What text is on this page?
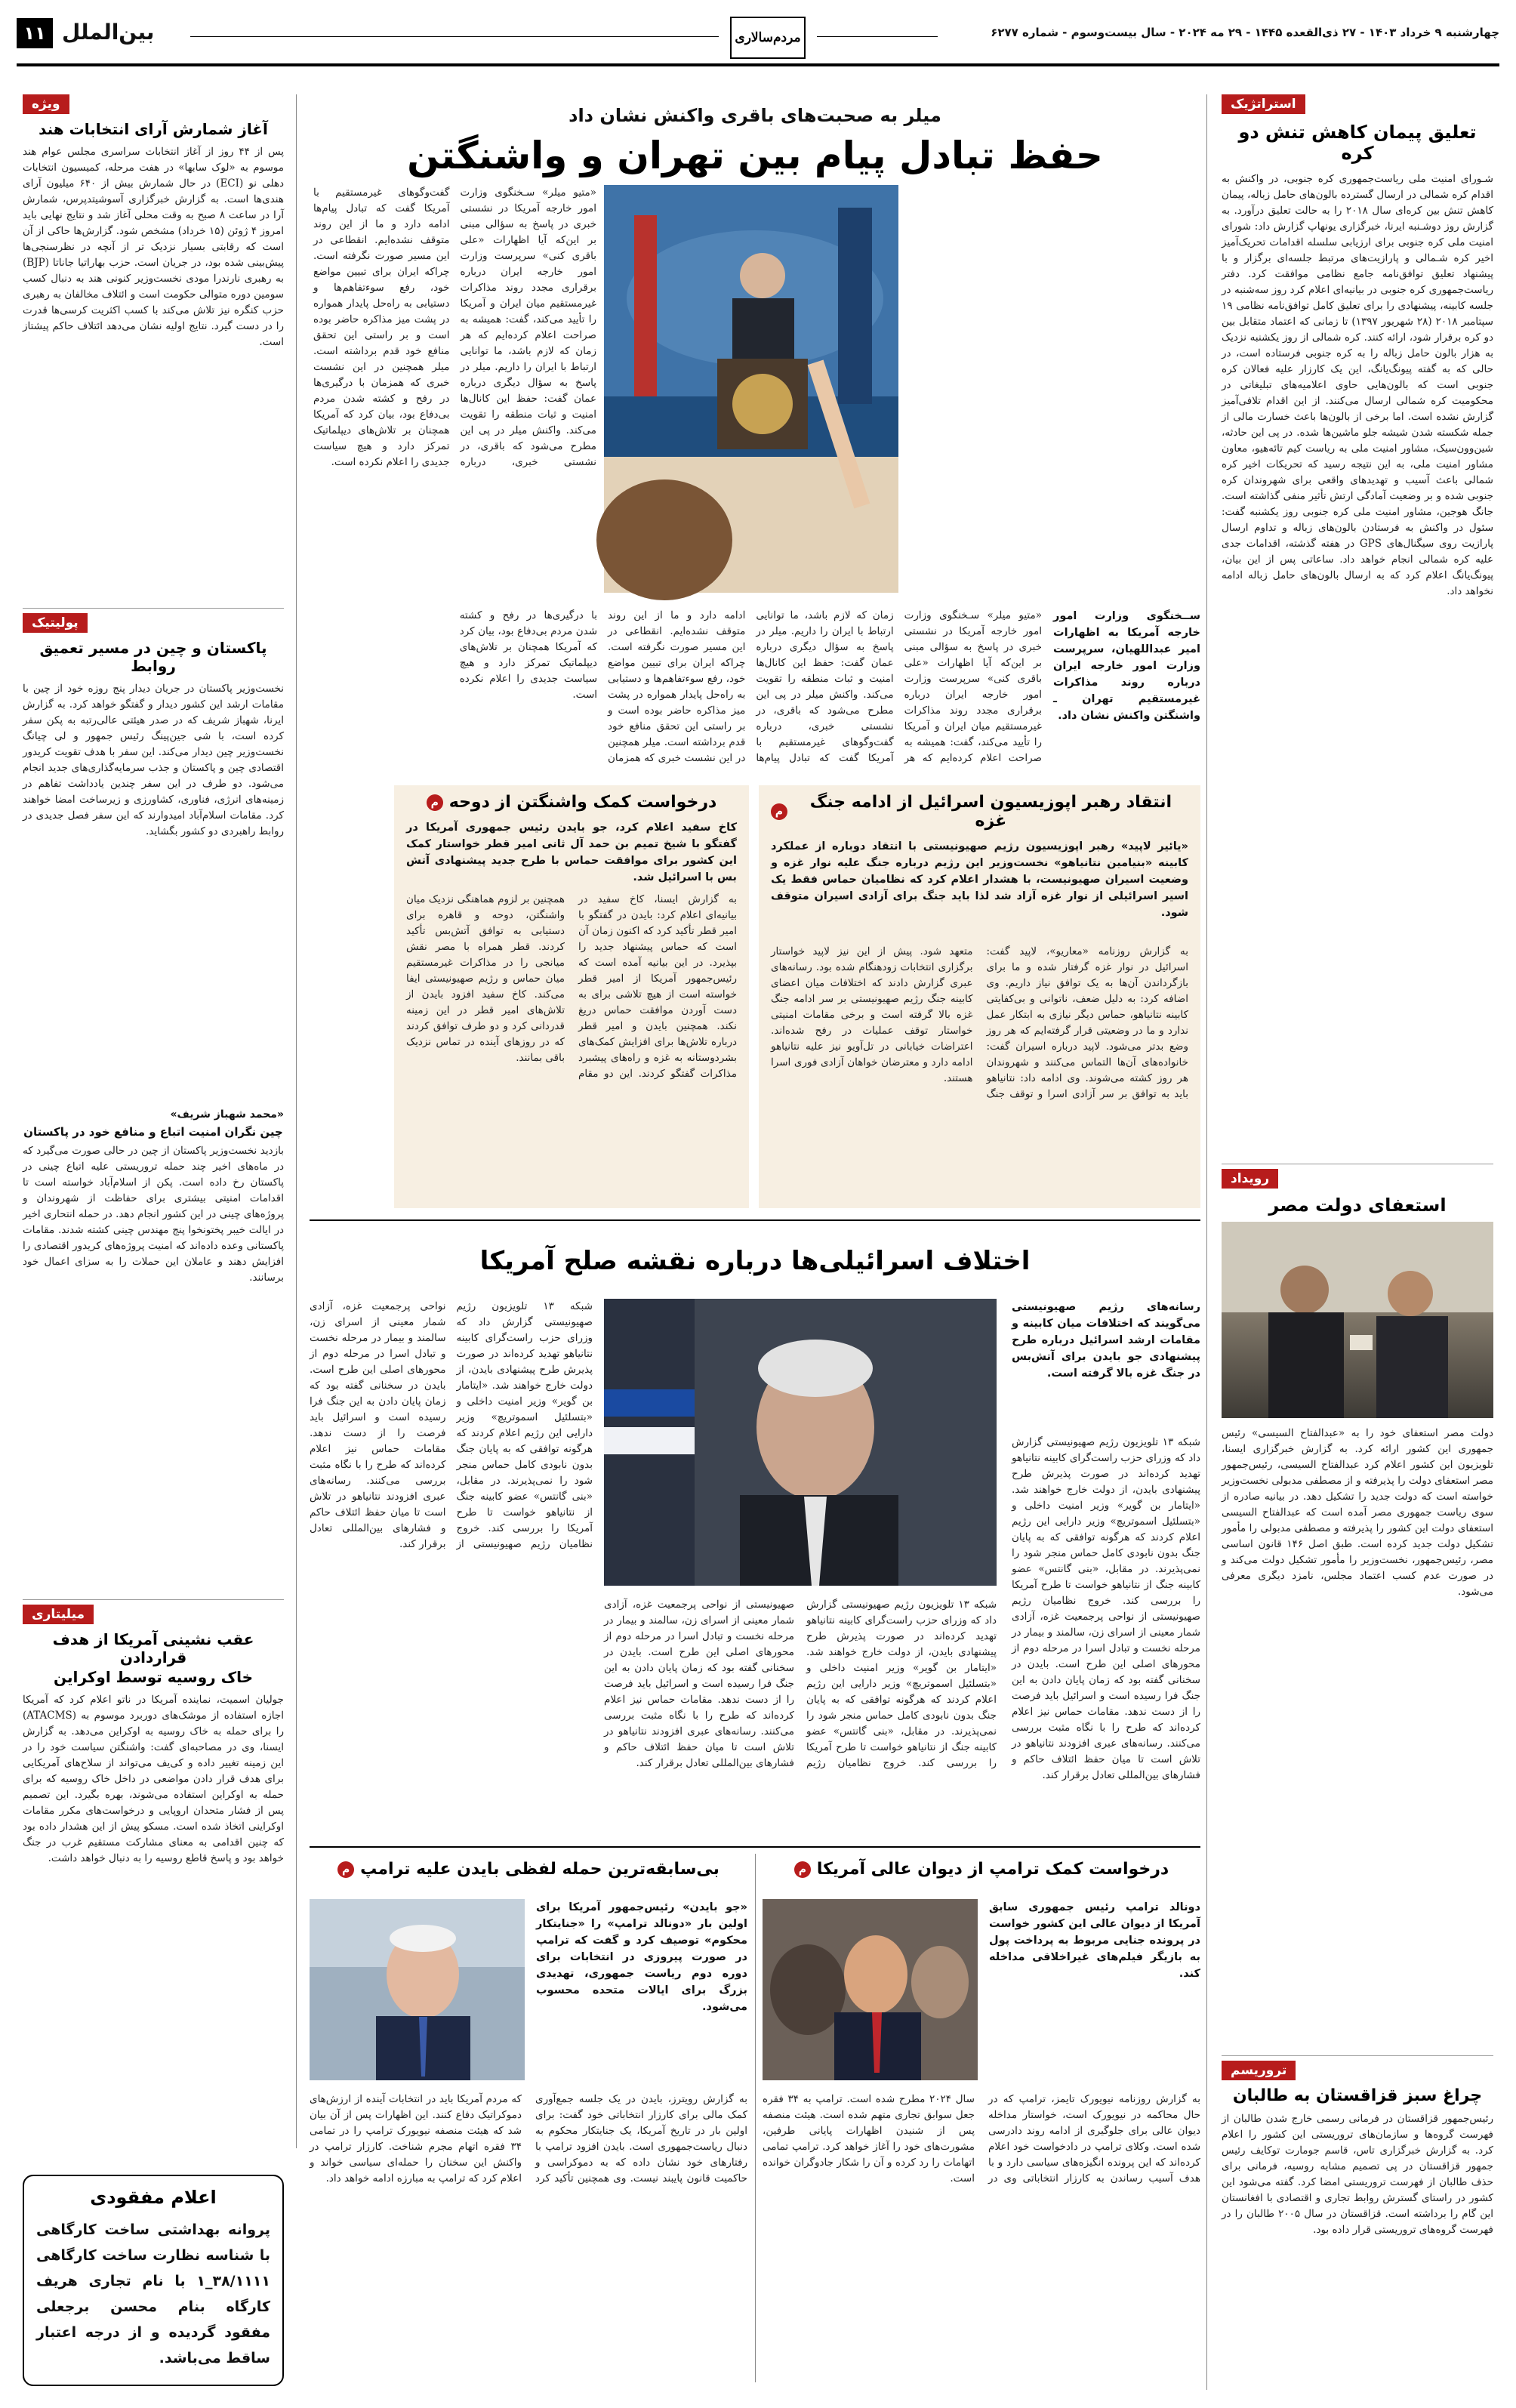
چهارشنبه ۹ خرداد ۱۴۰۳ - ۲۷ ذی‌القعده ۱۴۴۵ - ۲۹ مه ۲۰۲۴ - سال بیست‌وسوم - شماره ۶۲۷۷
مردم‌سالاری
بین‌الملل
۱۱
استراتژیک
تعلیق پیمان کاهش تنش دو کره
شـورای امنیت ملی ریاست‌جمهوری کره جنوبی، در واکنش به اقدام کره شمالی در ارسال گسترده بالون‌های حامل زباله، پیمان کاهش تنش بین کره‌ای سال ۲۰۱۸ را به حالت تعلیق درآورد. به گزارش روز دوشـنبه ایرنا، خبرگزاری یونهاپ گزارش داد: شورای امنیت ملی کره جنوبی برای ارزیابی سلسله اقدامات تحریک‌آمیز اخیر کره شـمالی و پارازیت‌های مرتبط جلسه‌ای برگزار و با پیشنهاد تعلیق توافق‌نامه جامع نظامی موافقت کرد. دفتر ریاست‌جمهوری کره جنوبی در بیانیه‌ای اعلام کرد روز سه‌شنبه در جلسه کابینه، پیشنهادی را برای تعلیق کامل توافق‌نامه نظامی ۱۹ سپتامبر ۲۰۱۸ (۲۸ شهریور ۱۳۹۷) تا زمانی که اعتماد متقابل بین دو کره برقرار شود، ارائه کنند. کره شمالی از روز یکشنبه نزدیک به هزار بالون حامل زباله را به کره جنوبی فرستاده است، در حالی که به گفته پیونگ‌یانگ، این یک کارزار علیه فعالان کره جنوبی است که بالون‌هایی حاوی اعلامیه‌های تبلیغاتی در محکومیت کره شمالی ارسال می‌کنند. از این اقدام تلافی‌آمیز گزارش نشده است. اما برخی از بالون‌ها باعث خسارت مالی از جمله شکسته شدن شیشه جلو ماشین‌ها شده. در پی این حادثه، شین‌وون‌سیک، مشاور امنیت ملی به ریاست کیم تائه‌هیو، معاون مشاور امنیت ملی، به این نتیجه رسید که تحریکات اخیر کره شمالی باعث آسیب و تهدیدهای واقعی برای شهروندان کره جنوبی شده و بر وضعیت آمادگی ارتش تأثیر منفی گذاشته است. جانگ هو‌جین، مشاور امنیت ملی کره جنوبی روز یکشنبه گفت: سئول در واکنش به فرستادن بالون‌های زباله و تداوم ارسال پارازیت روی سیگنال‌های GPS در هفته گذشته، اقدامات جدی علیه کره شمالی انجام خواهد داد. ساعاتی پس از این بیان، پیونگ‌یانگ اعلام کرد که به ارسال بالون‌های حامل زباله ادامه نخواهد داد.
رویداد
استعفای دولت مصر
دولت مصر استعفای خود را به «عبدالفتاح السیسی» رئیس جمهوری این کشور ارائه کرد. به گزارش خبرگزاری ایسنا، تلویزیون این کشور اعلام کرد عبدالفتاح السیسی، رئیس‌جمهور مصر استعفای دولت را پذیرفته و از مصطفی مدبولی نخست‌وزیر خواسته است که دولت جدید را تشکیل دهد. در بیانیه صادره از سوی ریاست جمهوری مصر آمده است که عبدالفتاح السیسی استعفای دولت این کشور را پذیرفته و مصطفی مدبولی را مأمور تشکیل دولت جدید کرده است. طبق اصل ۱۴۶ قانون اساسی مصر، رئیس‌جمهور، نخست‌وزیر را مأمور تشکیل دولت می‌کند و در صورت عدم کسب اعتماد مجلس، نامزد دیگری معرفی می‌شود.
تروریسم
چراغ سبز قزاقستان به طالبان
رئیس‌جمهور قزاقستان در فرمانی رسمی خارج شدن طالبان از فهرست گروه‌ها و سازمان‌های تروریستی این کشور را اعلام کرد. به گزارش خبرگزاری تاس، قاسم جومارت توکایف رئیس جمهور قزاقستان در پی تصمیم مشابه روسیه، فرمانی برای حذف طالبان از فهرست تروریستی امضا کرد. گفته می‌شود این کشور در راستای گسترش روابط تجاری و اقتصادی با افغانستان این گام را برداشته است. قزاقستان در سال ۲۰۰۵ طالبان را در فهرست گروه‌های تروریستی قرار داده بود.
ویژه
آغاز شمارش آرای انتخابات هند
پس از ۴۴ روز از آغاز انتخابات سراسری مجلس عوام هند موسوم به «لوک سابها» در هفت مرحله، کمیسیون انتخابات دهلی نو (ECI) در حال شمارش بیش از ۶۴۰ میلیون آرای هندی‌ها است. به گزارش خبرگزاری آسوشیتدپرس، شمارش آرا در ساعت ۸ صبح به وقت محلی آغاز شد و نتایج نهایی باید امروز ۴ ژوئن (۱۵ خرداد) مشخص شود. گزارش‌ها حاکی از آن است که رقابتی بسیار نزدیک تر از آنچه در نظرسنجی‌ها پیش‌بینی شده بود، در جریان است. حزب بهاراتیا جاناتا (BJP) به رهبری نارندرا مودی نخست‌وزیر کنونی هند به دنبال کسب سومین دوره متوالی حکومت است و ائتلاف مخالفان به رهبری حزب کنگره نیز تلاش می‌کند با کسب اکثریت کرسی‌ها قدرت را در دست گیرد. نتایج اولیه نشان می‌دهد ائتلاف حاکم پیشتاز است.
پولیتیک
پاکستان و چین در مسیر تعمیق روابط
نخست‌وزیر پاکستان در جریان دیدار پنج روزه خود از چین با مقامات ارشد این کشور دیدار و گفتگو خواهد کرد. به گزارش ایرنا، شهباز شریف که در صدر هیئتی عالی‌رتبه به پکن سفر کرده است، با شی جین‌پینگ رئیس جمهور و لی چیانگ نخست‌وزیر چین دیدار می‌کند. این سفر با هدف تقویت کریدور اقتصادی چین و پاکستان و جذب سرمایه‌گذاری‌های جدید انجام می‌شود. دو طرف در این سفر چندین یادداشت تفاهم در زمینه‌های انرژی، فناوری، کشاورزی و زیرساخت امضا خواهند کرد. مقامات اسلام‌آباد امیدوارند که این سفر فصل جدیدی در روابط راهبردی دو کشور بگشاید.
«محمد شهباز شریف»
چین نگران امنیت اتباع و منافع خود در پاکستان
بازدید نخست‌وزیر پاکستان از چین در حالی صورت می‌گیرد که در ماه‌های اخیر چند حمله تروریستی علیه اتباع چینی در پاکستان رخ داده است. پکن از اسلام‌آباد خواسته است تا اقدامات امنیتی بیشتری برای حفاظت از شهروندان و پروژه‌های چینی در این کشور انجام دهد. در حمله انتحاری اخیر در ایالت خیبر پختونخوا پنج مهندس چینی کشته شدند. مقامات پاکستانی وعده داده‌اند که امنیت پروژه‌های کریدور اقتصادی را افزایش دهند و عاملان این حملات را به سزای اعمال خود برسانند.
میلیتاری
عقب نشینی آمریکا از هدف قراردادن
خاک روسیه توسط اوکراین
جولیان اسمیت، نماینده آمریکا در ناتو اعلام کرد که آمریکا اجازه استفاده از موشک‌های دوربرد موسوم به (ATACMS) را برای حمله به خاک روسیه به اوکراین می‌دهد. به گزارش ایسنا، وی در مصاحبه‌ای گفت: واشنگتن سیاست خود را در این زمینه تغییر داده و کی‌یف می‌تواند از سلاح‌های آمریکایی برای هدف قرار دادن مواضعی در داخل خاک روسیه که برای حمله به اوکراین استفاده می‌شوند، بهره بگیرد. این تصمیم پس از فشار متحدان اروپایی و درخواست‌های مکرر مقامات اوکراینی اتخاذ شده است. مسکو پیش از این هشدار داده بود که چنین اقدامی به معنای مشارکت مستقیم غرب در جنگ خواهد بود و پاسخ قاطع روسیه را به دنبال خواهد داشت.
اعلام مفقودی
پروانه بهداشتی ساخت کارگاهی با شناسه نظارت ساخت کارگاهی ۳۸/۱۱۱۱_۱ با نام تجاری هریف کارگاه بنام محسن برجعلی مفقود گردیده و از درجه اعتبار ساقط می‌باشد.
میلر به صحبت‌های باقری واکنش نشان داد
حفظ تبادل پیام بین تهران و واشنگتن
ســخنگوی وزارت امور خارجه آمریکا به اظهارات امیر عبداللهیان، سرپرست وزارت امور خارجه ایران درباره روند مذاکرات غیرمستقیم تهران ـ واشنگتن واکنش نشان داد.
«متیو میلر» سـخنگوی وزارت امور خارجه آمریکا در نشستی خبری در پاسخ به سؤالی مبنی بر این‌که آیا اظهارات «علی باقری کنی» سرپرست وزارت امور خارجه ایران درباره برقراری مجدد روند مذاکرات غیرمستقیم میان ایران و آمریکا را تأیید می‌کند، گفت: همیشه به صراحت اعلام کرده‌ایم که هر زمان که لازم باشد، ما توانایی ارتباط با ایران را داریم. میلر در پاسخ به سؤال دیگری درباره عمان گفت: حفظ این کانال‌ها امنیت و ثبات منطقه را تقویت می‌کند. واکنش میلر در پی این مطرح می‌شود که باقری، در نشستی خبری، درباره گفت‌وگوهای غیرمستقیم با آمریکا گفت که تبادل پیام‌ها ادامه دارد و ما از این روند متوقف نشده‌ایم. انقطاعی در این مسیر صورت نگرفته است. چراکه ایران برای تبیین مواضع خود، رفع سوءتفاهم‌ها و دستیابی به راه‌حل پایدار همواره در پشت میز مذاکره حاضر بوده است و بر راستی این تحقق منافع خود قدم برداشته است. میلر همچنین در این نشست خبری که همزمان با درگیری‌ها در رفح و کشته شدن مردم بی‌دفاع بود، بیان کرد که آمریکا همچنان بر تلاش‌های دیپلماتیک تمرکز دارد و هیچ سیاست جدیدی را اعلام نکرده است.
«متیو میلر» سـخنگوی وزارت امور خارجه آمریکا در نشستی خبری در پاسخ به سؤالی مبنی بر این‌که آیا اظهارات «علی باقری کنی» سرپرست وزارت امور خارجه ایران درباره برقراری مجدد روند مذاکرات غیرمستقیم میان ایران و آمریکا را تأیید می‌کند، گفت: همیشه به صراحت اعلام کرده‌ایم که هر زمان که لازم باشد، ما توانایی ارتباط با ایران را داریم. میلر در پاسخ به سؤال دیگری درباره عمان گفت: حفظ این کانال‌ها امنیت و ثبات منطقه را تقویت می‌کند. واکنش میلر در پی این مطرح می‌شود که باقری، در نشستی خبری، درباره گفت‌وگوهای غیرمستقیم با آمریکا گفت که تبادل پیام‌ها ادامه دارد و ما از این روند متوقف نشده‌ایم. انقطاعی در این مسیر صورت نگرفته است. چراکه ایران برای تبیین مواضع خود، رفع سوءتفاهم‌ها و دستیابی به راه‌حل پایدار همواره در پشت میز مذاکره حاضر بوده است و بر راستی این تحقق منافع خود قدم برداشته است. میلر همچنین در این نشست خبری که همزمان با درگیری‌ها در رفح و کشته شدن مردم بی‌دفاع بود، بیان کرد که آمریکا همچنان بر تلاش‌های دیپلماتیک تمرکز دارد و هیچ سیاست جدیدی را اعلام نکرده است.
انتقاد رهبر اپوزیسیون اسرائیل از ادامه جنگ غزه
م
«یائیر لاپید» رهبر اپوزیسیون رژیم صهیونیستی با انتقاد دوباره از عملکرد کابینه «بنیامین نتانیاهو» نخست‌وزیر این رژیم درباره جنگ علیه نوار غزه و وضعیت اسیران صهیونیست، با هشدار اعلام کرد که نظامیان حماس فقط یک اسیر اسرائیلی از نوار غزه آزاد شد لذا باید جنگ برای آزادی اسیران متوقف شود.
به گزارش روزنامه «معاریو»، لاپید گفت: اسرائیل در نوار غزه گرفتار شده و ما برای بازگرداندن آن‌ها به یک توافق نیاز داریم. وی اضافه کرد: به دلیل ضعف، ناتوانی و بی‌کفایتی کابینه نتانیاهو، حماس دیگر نیازی به ابتکار عمل ندارد و ما در وضعیتی قرار گرفته‌ایم که هر روز وضع بدتر می‌شود. لاپید درباره اسیران گفت: خانواده‌های آن‌ها التماس می‌کنند و شهروندان هر روز کشته می‌شوند. وی ادامه داد: نتانیاهو باید به توافق بر سر آزادی اسرا و توقف جنگ متعهد شود. پیش از این نیز لاپید خواستار برگزاری انتخابات زودهنگام شده بود. رسانه‌های عبری گزارش دادند که اختلافات میان اعضای کابینه جنگ رژیم صهیونیستی بر سر ادامه جنگ غزه بالا گرفته است و برخی مقامات امنیتی خواستار توقف عملیات در رفح شده‌اند. اعتراضات خیابانی در تل‌آویو نیز علیه نتانیاهو ادامه دارد و معترضان خواهان آزادی فوری اسرا هستند.
درخواست کمک واشنگتن از دوحه
م
کاخ سفید اعلام کرد، جو بایدن رئیس جمهوری آمریکا در گفتگو با شیخ تمیم بن حمد آل ثانی امیر قطر خواستار کمک این کشور برای موافقت حماس با طرح جدید پیشنهادی آتش بس با اسرائیل شد.
به گزارش ایسنا، کاخ سفید در بیانیه‌ای اعلام کرد: بایدن در گفتگو با امیر قطر تأکید کرد که اکنون زمان آن است که حماس پیشنهاد جدید را بپذیرد. در این بیانیه آمده است که رئیس‌جمهور آمریکا از امیر قطر خواسته است از هیچ تلاشی برای به دست آوردن موافقت حماس دریغ نکند. همچنین بایدن و امیر قطر درباره تلاش‌ها برای افزایش کمک‌های بشردوستانه به غزه و راه‌های پیشبرد مذاکرات گفتگو کردند. این دو مقام همچنین بر لزوم هماهنگی نزدیک میان واشنگتن، دوحه و قاهره برای دستیابی به توافق آتش‌بس تأکید کردند. قطر همراه با مصر نقش میانجی را در مذاکرات غیرمستقیم میان حماس و رژیم صهیونیستی ایفا می‌کند. کاخ سفید افزود بایدن از تلاش‌های امیر قطر در این زمینه قدردانی کرد و دو طرف توافق کردند که در روزهای آینده در تماس نزدیک باقی بمانند.
اختلاف اسرائیلی‌ها درباره نقشه صلح آمریکا
رسانه‌های رژیم صهیونیستی می‌گویند که اختلافات میان کابینه و مقامات ارشد اسرائیل درباره طرح پیشنهادی جو بایدن برای آتش‌بس در جنگ غزه بالا گرفته است.
شبکه ۱۳ تلویزیون رژیم صهیونیستی گزارش داد که وزرای حزب راست‌گرای کابینه نتانیاهو تهدید کرده‌اند در صورت پذیرش طرح پیشنهادی بایدن، از دولت خارج خواهند شد. «ایتامار بن گویر» وزیر امنیت داخلی و «بتسلئیل اسموتریچ» وزیر دارایی این رژیم اعلام کردند که هرگونه توافقی که به پایان جنگ بدون نابودی کامل حماس منجر شود را نمی‌پذیرند. در مقابل، «بنی گانتس» عضو کابینه جنگ از نتانیاهو خواست تا طرح آمریکا را بررسی کند. خروج نظامیان رژیم صهیونیستی از نواحی پرجمعیت غزه، آزادی شمار معینی از اسرای زن، سالمند و بیمار در مرحله نخست و تبادل اسرا در مرحله دوم از محورهای اصلی این طرح است. بایدن در سخنانی گفته بود که زمان پایان دادن به این جنگ فرا رسیده است و اسرائیل باید فرصت را از دست ندهد. مقامات حماس نیز اعلام کرده‌اند که طرح را با نگاه مثبت بررسی می‌کنند. رسانه‌های عبری افزودند نتانیاهو در تلاش است تا میان حفظ ائتلاف حاکم و فشارهای بین‌المللی تعادل برقرار کند.
شبکه ۱۳ تلویزیون رژیم صهیونیستی گزارش داد که وزرای حزب راست‌گرای کابینه نتانیاهو تهدید کرده‌اند در صورت پذیرش طرح پیشنهادی بایدن، از دولت خارج خواهند شد. «ایتامار بن گویر» وزیر امنیت داخلی و «بتسلئیل اسموتریچ» وزیر دارایی این رژیم اعلام کردند که هرگونه توافقی که به پایان جنگ بدون نابودی کامل حماس منجر شود را نمی‌پذیرند. در مقابل، «بنی گانتس» عضو کابینه جنگ از نتانیاهو خواست تا طرح آمریکا را بررسی کند. خروج نظامیان رژیم صهیونیستی از نواحی پرجمعیت غزه، آزادی شمار معینی از اسرای زن، سالمند و بیمار در مرحله نخست و تبادل اسرا در مرحله دوم از محورهای اصلی این طرح است. بایدن در سخنانی گفته بود که زمان پایان دادن به این جنگ فرا رسیده است و اسرائیل باید فرصت را از دست ندهد. مقامات حماس نیز اعلام کرده‌اند که طرح را با نگاه مثبت بررسی می‌کنند. رسانه‌های عبری افزودند نتانیاهو در تلاش است تا میان حفظ ائتلاف حاکم و فشارهای بین‌المللی تعادل برقرار کند.
شبکه ۱۳ تلویزیون رژیم صهیونیستی گزارش داد که وزرای حزب راست‌گرای کابینه نتانیاهو تهدید کرده‌اند در صورت پذیرش طرح پیشنهادی بایدن، از دولت خارج خواهند شد. «ایتامار بن گویر» وزیر امنیت داخلی و «بتسلئیل اسموتریچ» وزیر دارایی این رژیم اعلام کردند که هرگونه توافقی که به پایان جنگ بدون نابودی کامل حماس منجر شود را نمی‌پذیرند. در مقابل، «بنی گانتس» عضو کابینه جنگ از نتانیاهو خواست تا طرح آمریکا را بررسی کند. خروج نظامیان رژیم صهیونیستی از نواحی پرجمعیت غزه، آزادی شمار معینی از اسرای زن، سالمند و بیمار در مرحله نخست و تبادل اسرا در مرحله دوم از محورهای اصلی این طرح است. بایدن در سخنانی گفته بود که زمان پایان دادن به این جنگ فرا رسیده است و اسرائیل باید فرصت را از دست ندهد. مقامات حماس نیز اعلام کرده‌اند که طرح را با نگاه مثبت بررسی می‌کنند. رسانه‌های عبری افزودند نتانیاهو در تلاش است تا میان حفظ ائتلاف حاکم و فشارهای بین‌المللی تعادل برقرار کند.
درخواست کمک ترامپ از دیوان عالی آمریکا
م
دونالد ترامپ رئیس جمهوری سابق آمریکا از دیوان عالی این کشور خواست در پرونده جنایی مربوط به پرداخت پول به بازیگر فیلم‌های غیراخلاقی مداخله کند.
به گزارش روزنامه نیویورک تایمز، ترامپ که در حال محاکمه در نیویورک است، خواستار مداخله دیوان عالی برای جلوگیری از ادامه روند دادرسی شده است. وکلای ترامپ در دادخواست خود اعلام کرده‌اند که این پرونده انگیزه‌های سیاسی دارد و با هدف آسیب رساندن به کارزار انتخاباتی وی در سال ۲۰۲۴ مطرح شده است. ترامپ به ۳۴ فقره جعل سوابق تجاری متهم شده است. هیئت منصفه پس از شنیدن اظهارات پایانی طرفین، مشورت‌های خود را آغاز خواهد کرد. ترامپ تمامی اتهامات را رد کرده و آن را شکار جادوگران خوانده است.
بی‌سابقه‌ترین حمله لفظی بایدن علیه ترامپ
م
«جو بایدن» رئیس‌جمهور آمریکا برای اولین بار «دونالد ترامپ» را «جنایتکار محکوم» توصیف کرد و گفت که ترامپ در صورت پیروزی در انتخابات برای دوره دوم ریاست جمهوری، تهدیدی بزرگ برای ایالات متحده محسوب می‌شود.
به گزارش رویترز، بایدن در یک جلسه جمع‌آوری کمک مالی برای کارزار انتخاباتی خود گفت: برای اولین بار در تاریخ آمریکا، یک جنایتکار محکوم به دنبال ریاست‌جمهوری است. بایدن افزود ترامپ با رفتارهای خود نشان داده که به دموکراسی و حاکمیت قانون پایبند نیست. وی همچنین تأکید کرد که مردم آمریکا باید در انتخابات آینده از ارزش‌های دموکراتیک دفاع کنند. این اظهارات پس از آن بیان شد که هیئت منصفه نیویورک ترامپ را در تمامی ۳۴ فقره اتهام مجرم شناخت. کارزار ترامپ در واکنش این سخنان را حمله‌ای سیاسی خواند و اعلام کرد که ترامپ به مبارزه ادامه خواهد داد.
